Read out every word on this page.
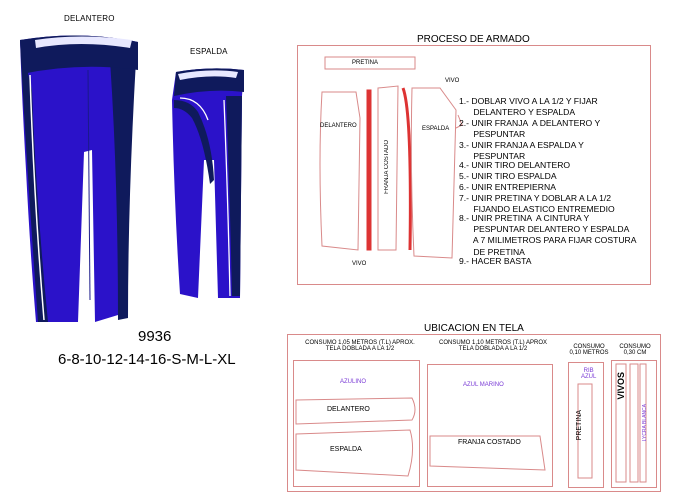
DELANTERO
ESPALDA
9936
6-8-10-12-14-16-S-M-L-XL
PROCESO DE ARMADO
PRETINA
DELANTERO
FRANJA COSTADO
ESPALDA
VIVO
VIVO
1.- DOBLAR VIVO A LA 1/2 Y FIJAR
DELANTERO Y ESPALDA
2.- UNIR FRANJA  A DELANTERO Y
PESPUNTAR
3.- UNIR FRANJA A ESPALDA Y
PESPUNTAR
4.- UNIR TIRO DELANTERO
5.- UNIR TIRO ESPALDA
6.- UNIR ENTREPIERNA
7.- UNIR PRETINA Y DOBLAR A LA 1/2
FIJANDO ELASTICO ENTREMEDIO
8.- UNIR PRETINA  A CINTURA Y
PESPUNTAR DELANTERO Y ESPALDA
A 7 MILIMETROS PARA FIJAR COSTURA
DE PRETINA
9.- HACER BASTA
UBICACION EN TELA
CONSUMO 1,05 METROS (T.L) APROX.
TELA DOBLADA A LA 1/2
AZULINO
DELANTERO
ESPALDA
CONSUMO 1,10 METROS (T.L) APROX
TELA DOBLADA A LA 1/2
AZUL MARINO
FRANJA COSTADO
CONSUMO
0,10 METROS
RIB
AZUL
PRETINA
CONSUMO
0,30 CM
VIVOS
LYCRA BLANCA
